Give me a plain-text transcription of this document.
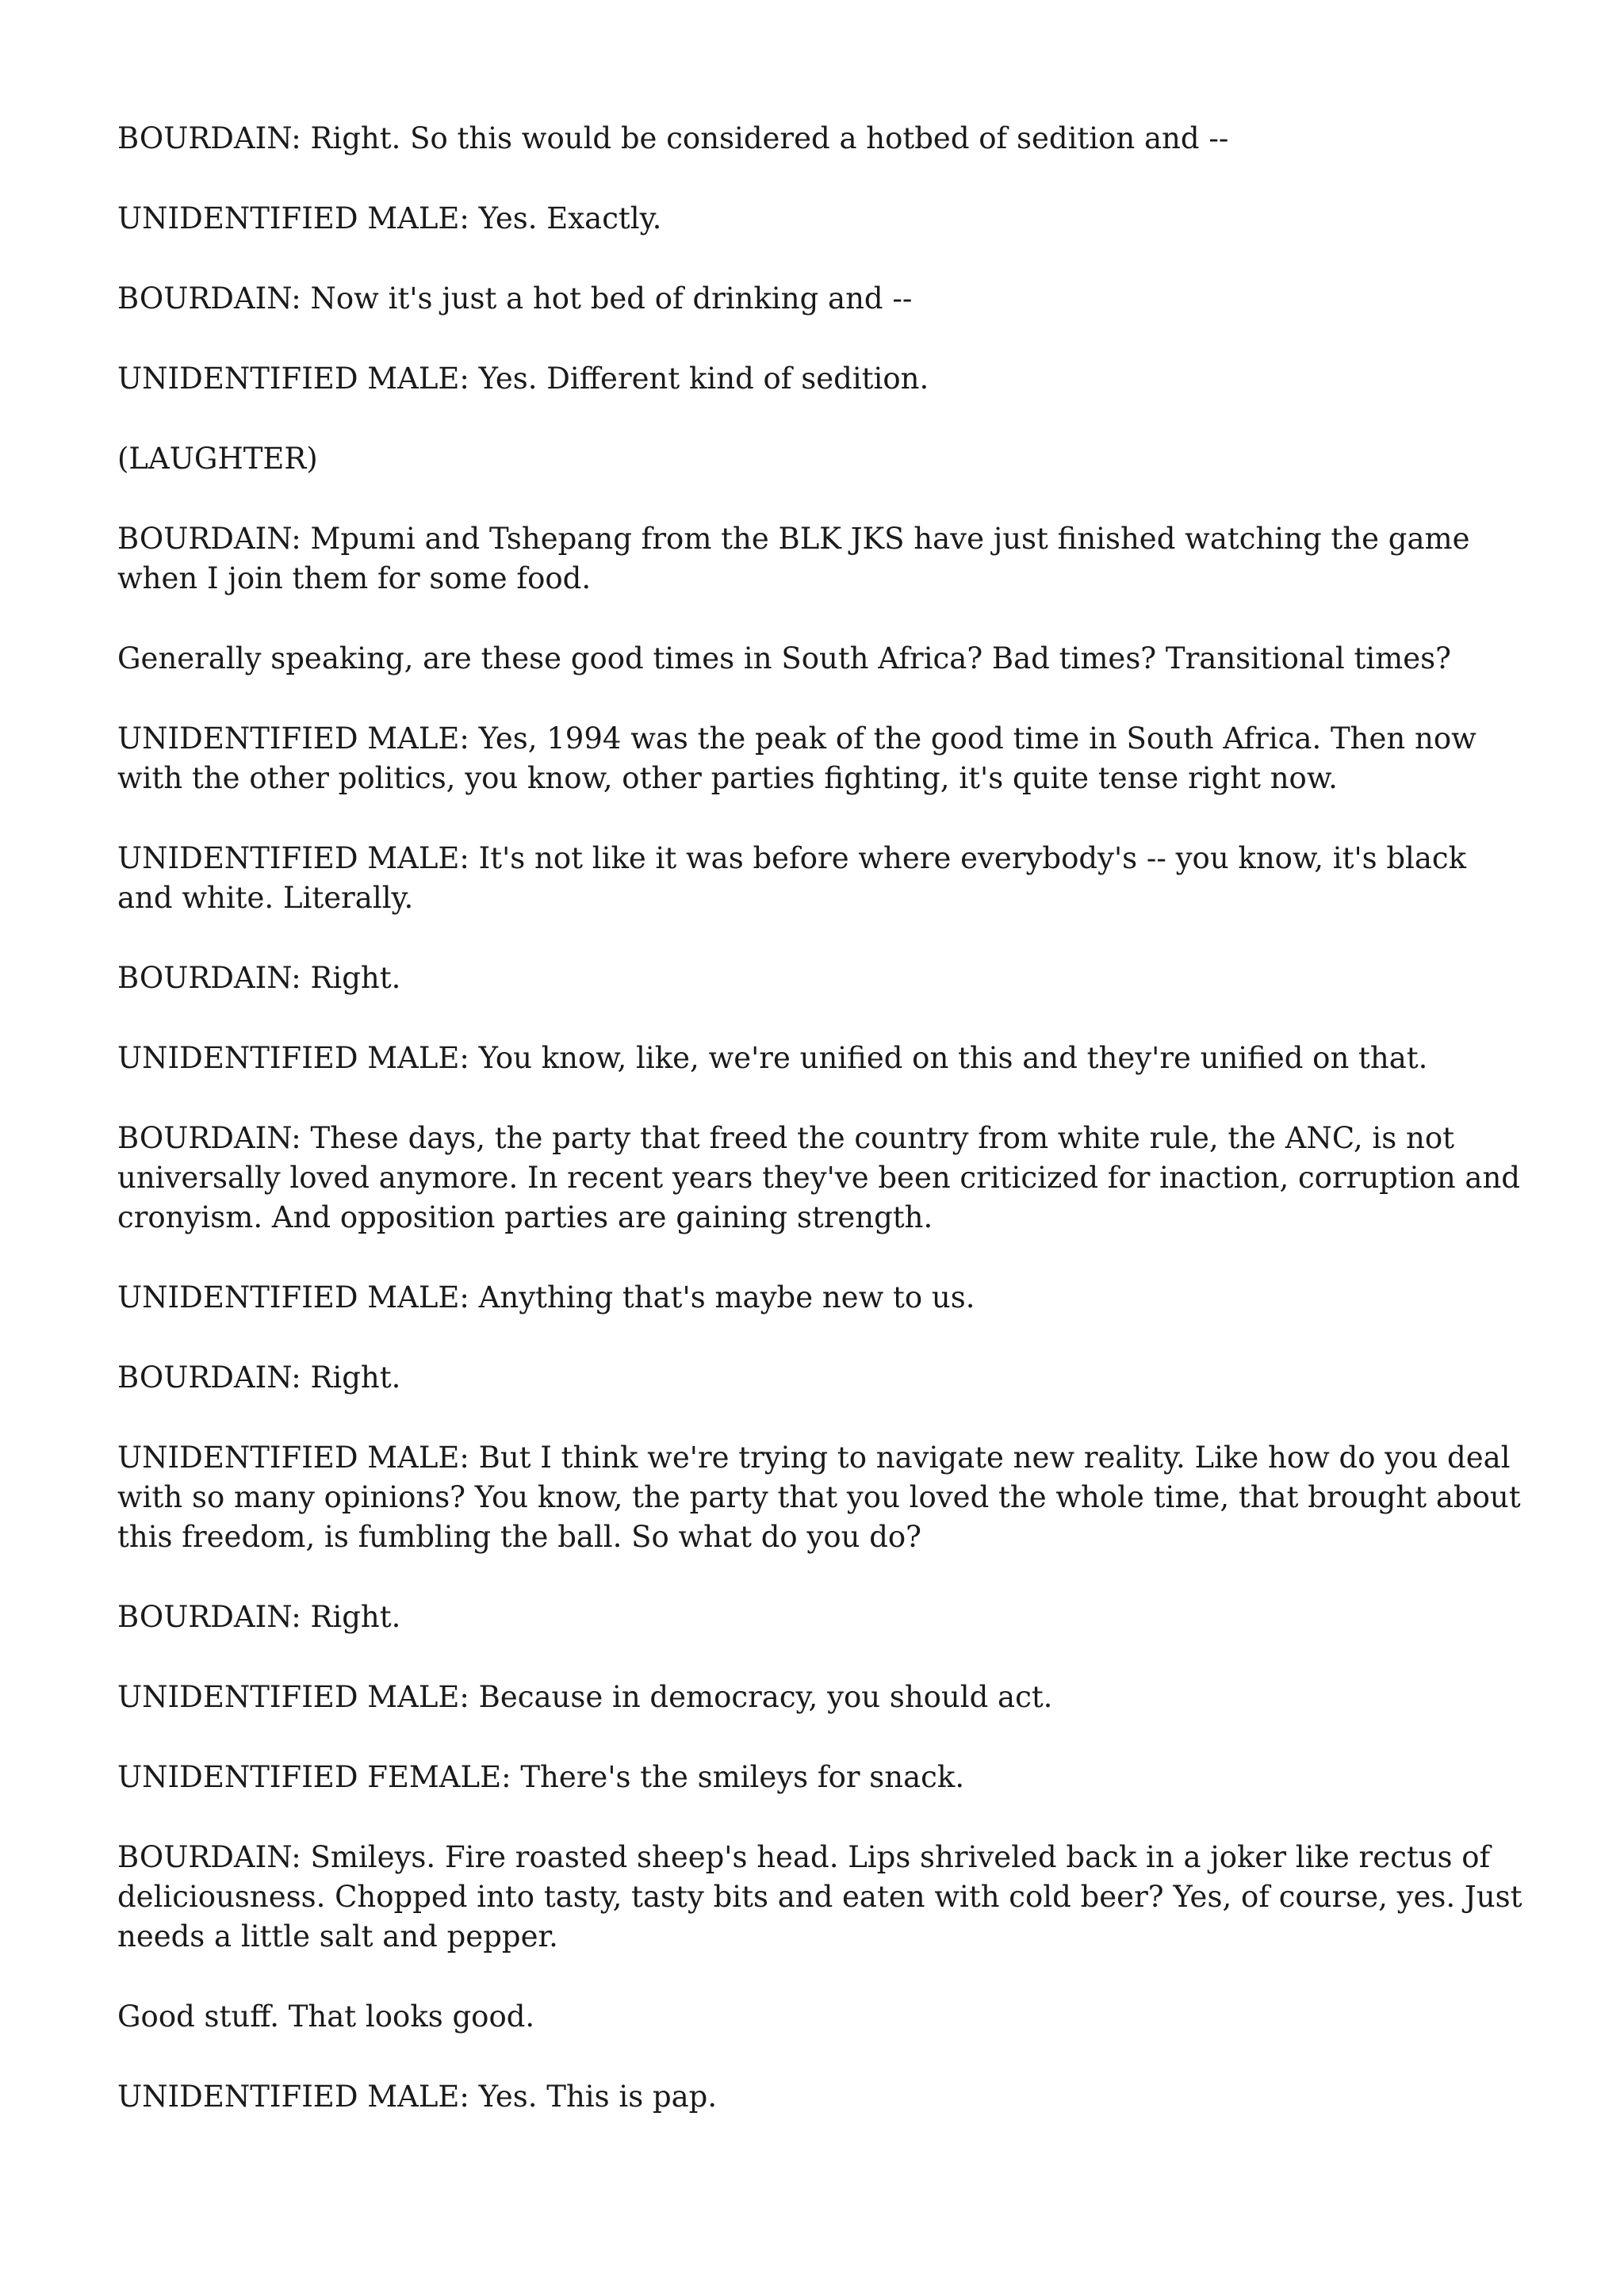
BOURDAIN: Right. So this would be considered a hotbed of sedition and --

UNIDENTIFIED MALE: Yes. Exactly.

BOURDAIN: Now it's just a hot bed of drinking and --

UNIDENTIFIED MALE: Yes. Different kind of sedition.

(LAUGHTER)

BOURDAIN: Mpumi and Tshepang from the BLK JKS have just finished watching the game when I join them for some food.

Generally speaking, are these good times in South Africa? Bad times? Transitional times?

UNIDENTIFIED MALE: Yes, 1994 was the peak of the good time in South Africa. Then now with the other politics, you know, other parties fighting, it's quite tense right now.

UNIDENTIFIED MALE: It's not like it was before where everybody's -- you know, it's black and white. Literally.

BOURDAIN: Right.

UNIDENTIFIED MALE: You know, like, we're unified on this and they're unified on that.

BOURDAIN: These days, the party that freed the country from white rule, the ANC, is not universally loved anymore. In recent years they've been criticized for inaction, corruption and cronyism. And opposition parties are gaining strength.

UNIDENTIFIED MALE: Anything that's maybe new to us.

BOURDAIN: Right.

UNIDENTIFIED MALE: But I think we're trying to navigate new reality. Like how do you deal with so many opinions? You know, the party that you loved the whole time, that brought about this freedom, is fumbling the ball. So what do you do?

BOURDAIN: Right.

UNIDENTIFIED MALE: Because in democracy, you should act.

UNIDENTIFIED FEMALE: There's the smileys for snack.

BOURDAIN: Smileys. Fire roasted sheep's head. Lips shriveled back in a joker like rectus of deliciousness. Chopped into tasty, tasty bits and eaten with cold beer? Yes, of course, yes. Just needs a little salt and pepper.

Good stuff. That looks good.

UNIDENTIFIED MALE: Yes. This is pap.
